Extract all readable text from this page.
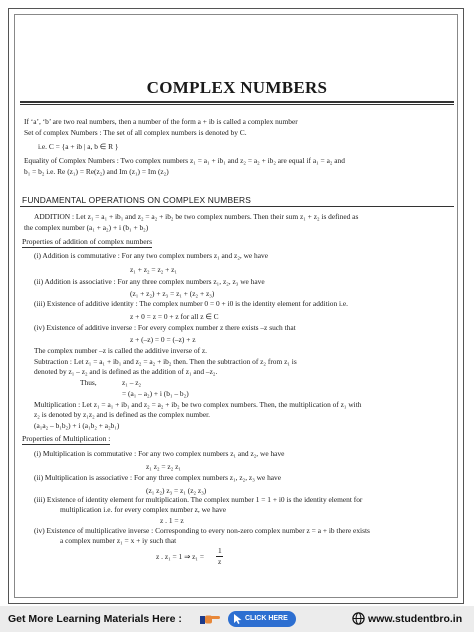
COMPLEX NUMBERS
If ‘a’, ‘b’ are two real numbers, then a number of the form a + ib is called a complex number
Set of complex Numbers : The set of all complex numbers is denoted by C.
i.e. C = {a + ib | a, b ∈ R }
Equality of Complex Numbers : Two complex numbers z₁ = a₁ + ib₁ and z₂ = a₂ + ib₂ are equal if a₁ = a₂ and
b₁ = b₂ i.e. Re (z₁) = Re(z₂) and Im (z₁) = Im (z₂)
FUNDAMENTAL OPERATIONS ON COMPLEX NUMBERS
ADDITION : Let z₁ = a₁ + ib₁ and z₂ = a₂ + ib₂ be two complex numbers. Then their sum z₁ + z₂ is defined as
the complex number (a₁ + a₂) + i (b₁ + b₂)
Properties of addition of complex numbers
(i) Addition is commutative : For any two complex numbers z₁ and z₂, we have
z₁ + z₂ = z₂ + z₁
(ii) Addition is associative : For any three complex numbers z₁, z₂, z₃ we have
(z₁ + z₂) + z₃ = z₁ + (z₂ + z₃)
(iii) Existence of additive identity : The complex number 0 = 0 + i0 is the identity element for addition i.e.
z + 0 = z = 0 + z for all z ∈ C
(iv) Existence of additive inverse : For every complex number z there exists –z such that
z + (–z) = 0 = (–z) + z
The complex number –z is called the additive inverse of z.
Subtraction : Let z₁ = a₁ + ib₁ and z₂ = a₂ + ib₂ then. Then the subtraction of z₂ from z₁ is
denoted by z₁ – z₂ and is defined as the addition of z₁ and –z₂.
Thus,	z₁ – z₂
= (a₁ – a₂) + i (b₁ – b₂)
Multiplication : Let z₁ = a₁ + ib₁ and z₂ = a₂ + ib₂ be two complex numbers. Then, the multiplication of z₁ with
z₂ is denoted by z₁z₂ and is defined as the complex number.
(a₁a₂ – b₁b₂) + i (a₁b₂ + a₂b₁)
Properties of Multiplication :
(i) Multiplication is commutative : For any two complex numbers z₁ and z₂, we have
z₁ z₂ = z₂ z₁
(ii) Multiplication is associative : For any three complex numbers z₁, z₂, z₃ we have
(z₁ z₂) z₃ = z₁ (z₂ z₃)
(iii) Existence of identity element for multiplication. The complex number 1 = 1 + i0 is the identity element for
multiplication i.e. for every complex number z, we have
z . 1 = z
(iv) Existence of multiplicative inverse : Corresponding to every non-zero complex number z = a + ib there exists
a complex number z₁ = x + iy such that
z . z₁ = 1 ⇒ z₁ =
1
z
Get More Learning Materials Here :	CLICK HERE	www.studentbro.in
